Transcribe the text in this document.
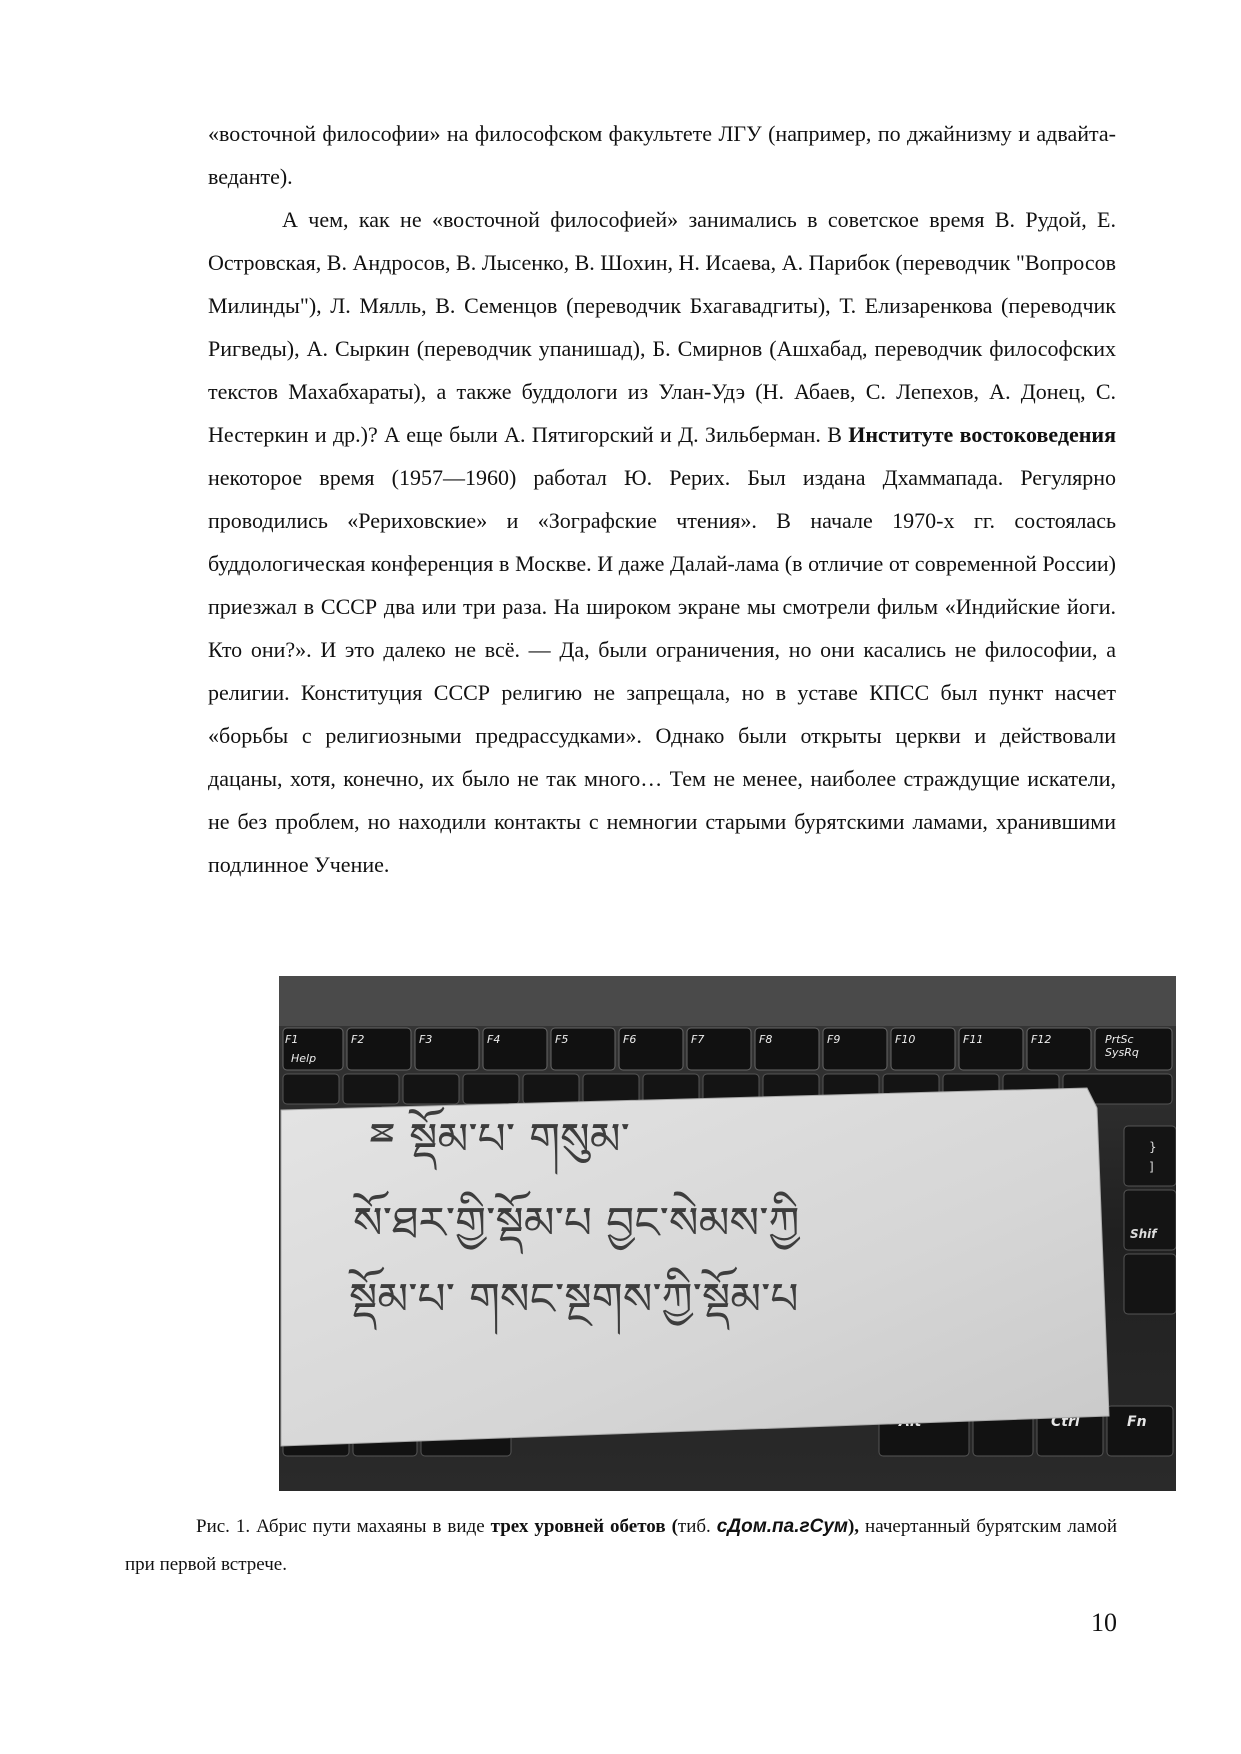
«восточной философии» на философском факультете ЛГУ (например, по джайнизму и адвайта-веданте).

А чем, как не «восточной философией» занимались в советское время В. Рудой, Е. Островская, В. Андросов, В. Лысенко, В. Шохин, Н. Исаева, А. Парибок (переводчик "Вопросов Милинды"), Л. Мялль, В. Семенцов (переводчик Бхагавадгиты), Т. Елизаренкова (переводчик Ригведы), А. Сыркин (переводчик упанишад), Б. Смирнов (Ашхабад, переводчик философских текстов Махабхараты), а также буддологи из Улан-Удэ (Н. Абаев, С. Лепехов, А. Донец, С. Нестеркин и др.)? А еще были А. Пятигорский и Д. Зильберман. В Институте востоковедения некоторое время (1957—1960) работал Ю. Рерих. Был издана Дхаммапада. Регулярно проводились «Рериховские» и «Зографские чтения». В начале 1970-х гг. состоялась буддологическая конференция в Москве. И даже Далай-лама (в отличие от современной России) приезжал в СССР два или три раза. На широком экране мы смотрели фильм «Индийские йоги. Кто они?». И это далеко не всё. — Да, были ограничения, но они касались не философии, а религии. Конституция СССР религию не запрещала, но в уставе КПСС был пункт насчет «борьбы с религиозными предрассудками». Однако были открыты церкви и действовали дацаны, хотя, конечно, их было не так много… Тем не менее, наиболее страждущие искатели, не без проблем, но находили контакты с немногии старыми бурятскими ламами, хранившими подлинное Учение.

F1
Help
F2	F3	F4	F5	F6	F7	F8	F9	F10	F11	F12	PrtSc
SysRq
}
]
Shif
Ctrl	Fn
ྈ སྡོམ་པ་ གསུམ་
སོ་ཐར་གྱི་སྡོམ་པ བྱང་སེམས་ཀྱི
སྡོམ་པ་ གསང་སྔགས་ཀྱི་སྡོམ་པ
Рис. 1. Абрис пути махаяны в виде трех уровней обетов (тиб. сДом.па.гСум), начертанный бурятским ламой при первой встрече.
10
